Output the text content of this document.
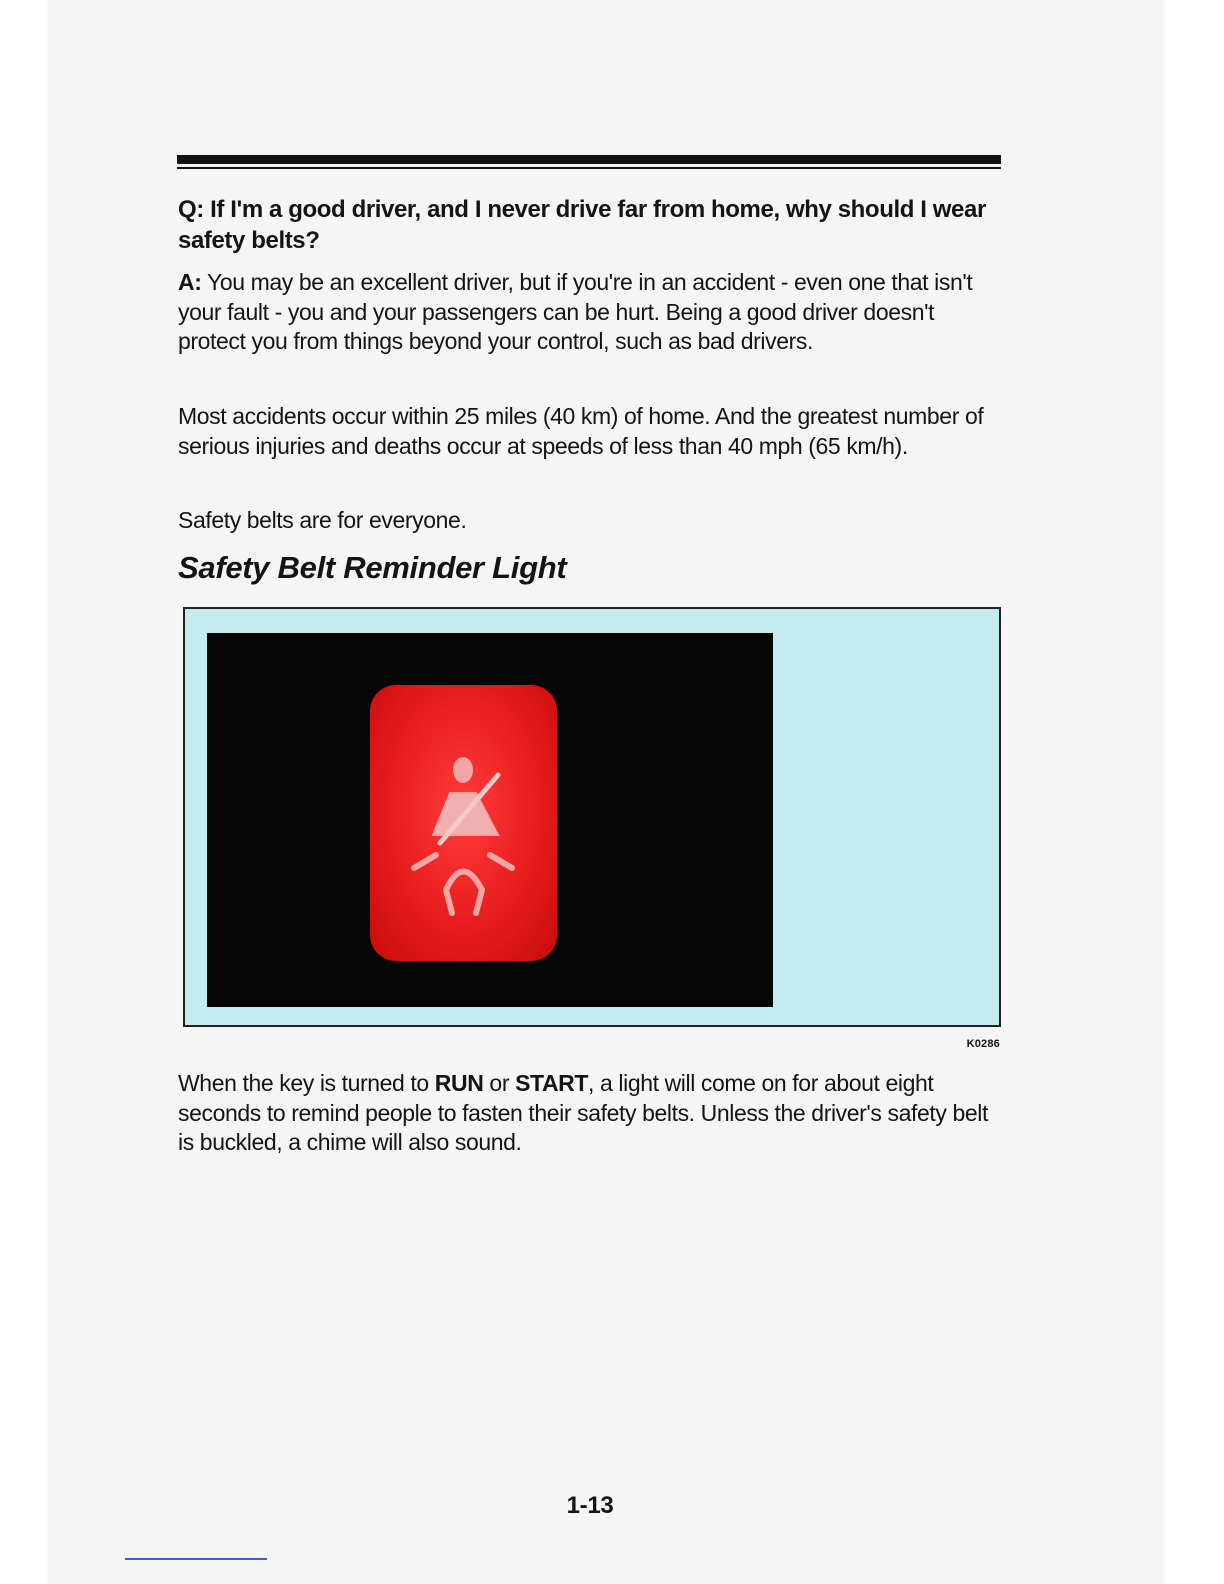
Q: If I'm a good driver, and I never drive far from home, why should I wear safety belts?
A: You may be an excellent driver, but if you're in an accident - even one that isn't your fault - you and your passengers can be hurt. Being a good driver doesn't protect you from things beyond your control, such as bad drivers.
Most accidents occur within 25 miles (40 km) of home. And the greatest number of serious injuries and deaths occur at speeds of less than 40 mph (65 km/h).
Safety belts are for everyone.
Safety Belt Reminder Light
K0286
When the key is turned to RUN or START, a light will come on for about eight seconds to remind people to fasten their safety belts. Unless the driver's safety belt is buckled, a chime will also sound.
1-13
